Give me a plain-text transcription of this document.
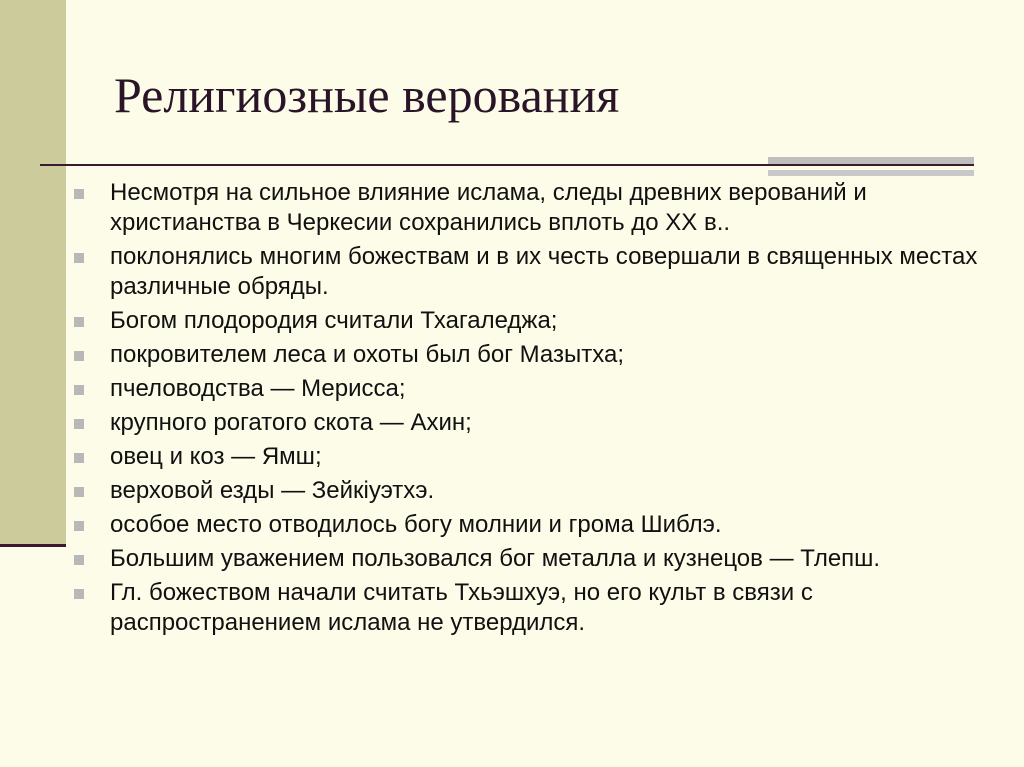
Религиозные верования
Несмотря на сильное влияние ислама, следы древних верований и христианства в Черкесии сохранились вплоть до XX в..
поклонялись многим божествам и в их честь совершали в священных местах различные обряды.
Богом плодородия считали Тхагаледжа;
покровителем леса и охоты был бог Мазытха;
пчеловодства — Мерисса;
крупного рогатого скота — Ахин;
овец и коз — Ямш;
верховой езды — Зейкiуэтхэ.
особое место отводилось богу молнии и грома Шиблэ.
Большим уважением пользовался бог металла и кузнецов — Тлепш.
Гл. божеством начали считать Тхьэшхуэ, но его культ в связи с распространением ислама не утвердился.
